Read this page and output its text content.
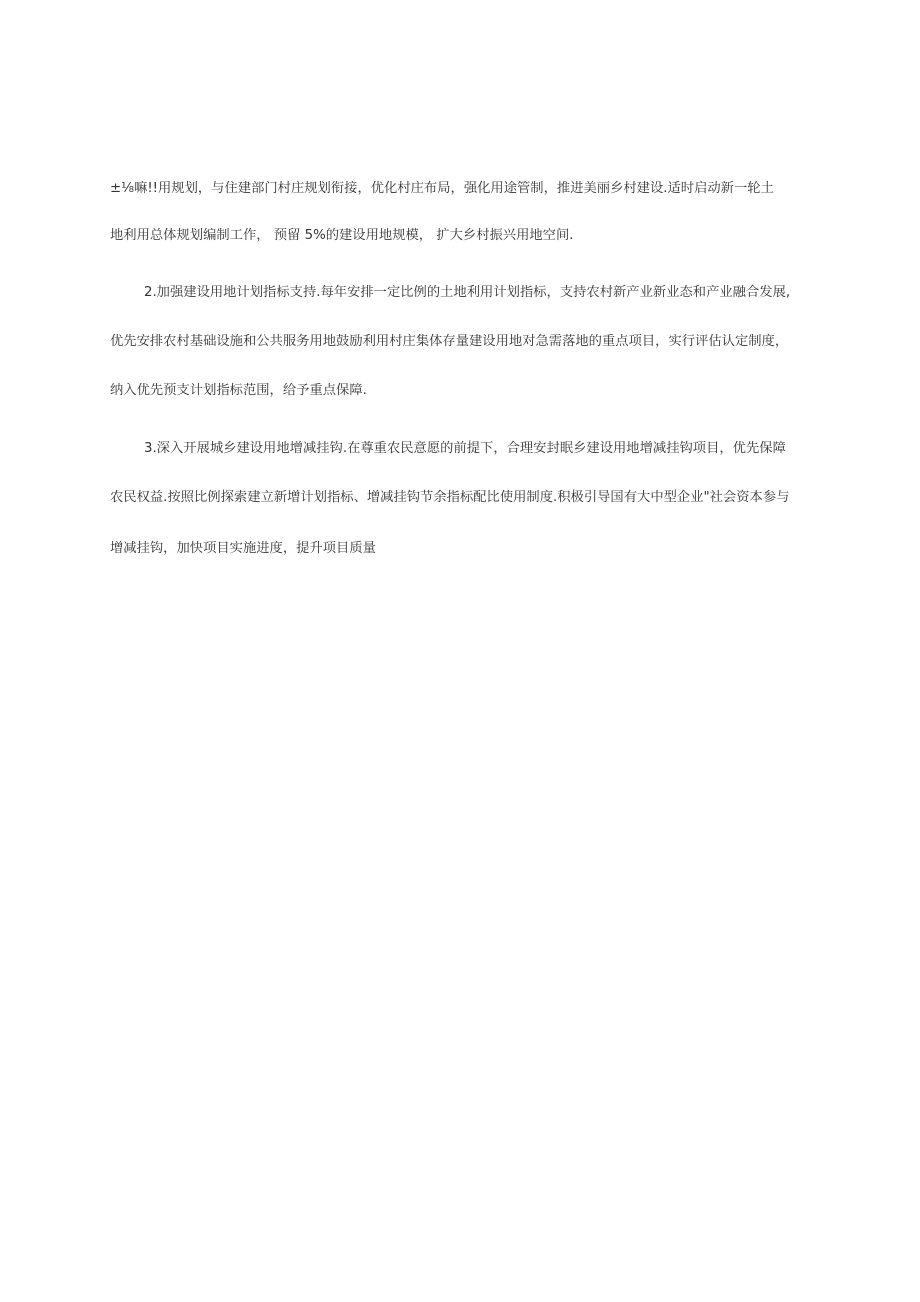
±⅛嘛!!用规划，与住建部门村庄规划衔接，优化村庄布局，强化用途管制，推进美丽乡村建设.适时启动新一轮土
地利用总体规划编制工作， 预留 5%的建设用地规模， 扩大乡村振兴用地空间.
2.加强建设用地计划指标支持.每年安排一定比例的土地利用计划指标，支持农村新产业新业态和产业融合发展,
优先安排农村基础设施和公共服务用地鼓励利用村庄集体存量建设用地对急需落地的重点项目，实行评估认定制度，
纳入优先预支计划指标范围，给予重点保障.
3.深入开展城乡建设用地增减挂钩.在尊重农民意愿的前提下，合理安封眠乡建设用地增减挂钩项目，优先保障
农民权益.按照比例探索建立新增计划指标、增减挂钩节余指标配比使用制度.积极引导国有大中型企业"社会资本参与
增减挂钩，加快项目实施进度，提升项目质量
